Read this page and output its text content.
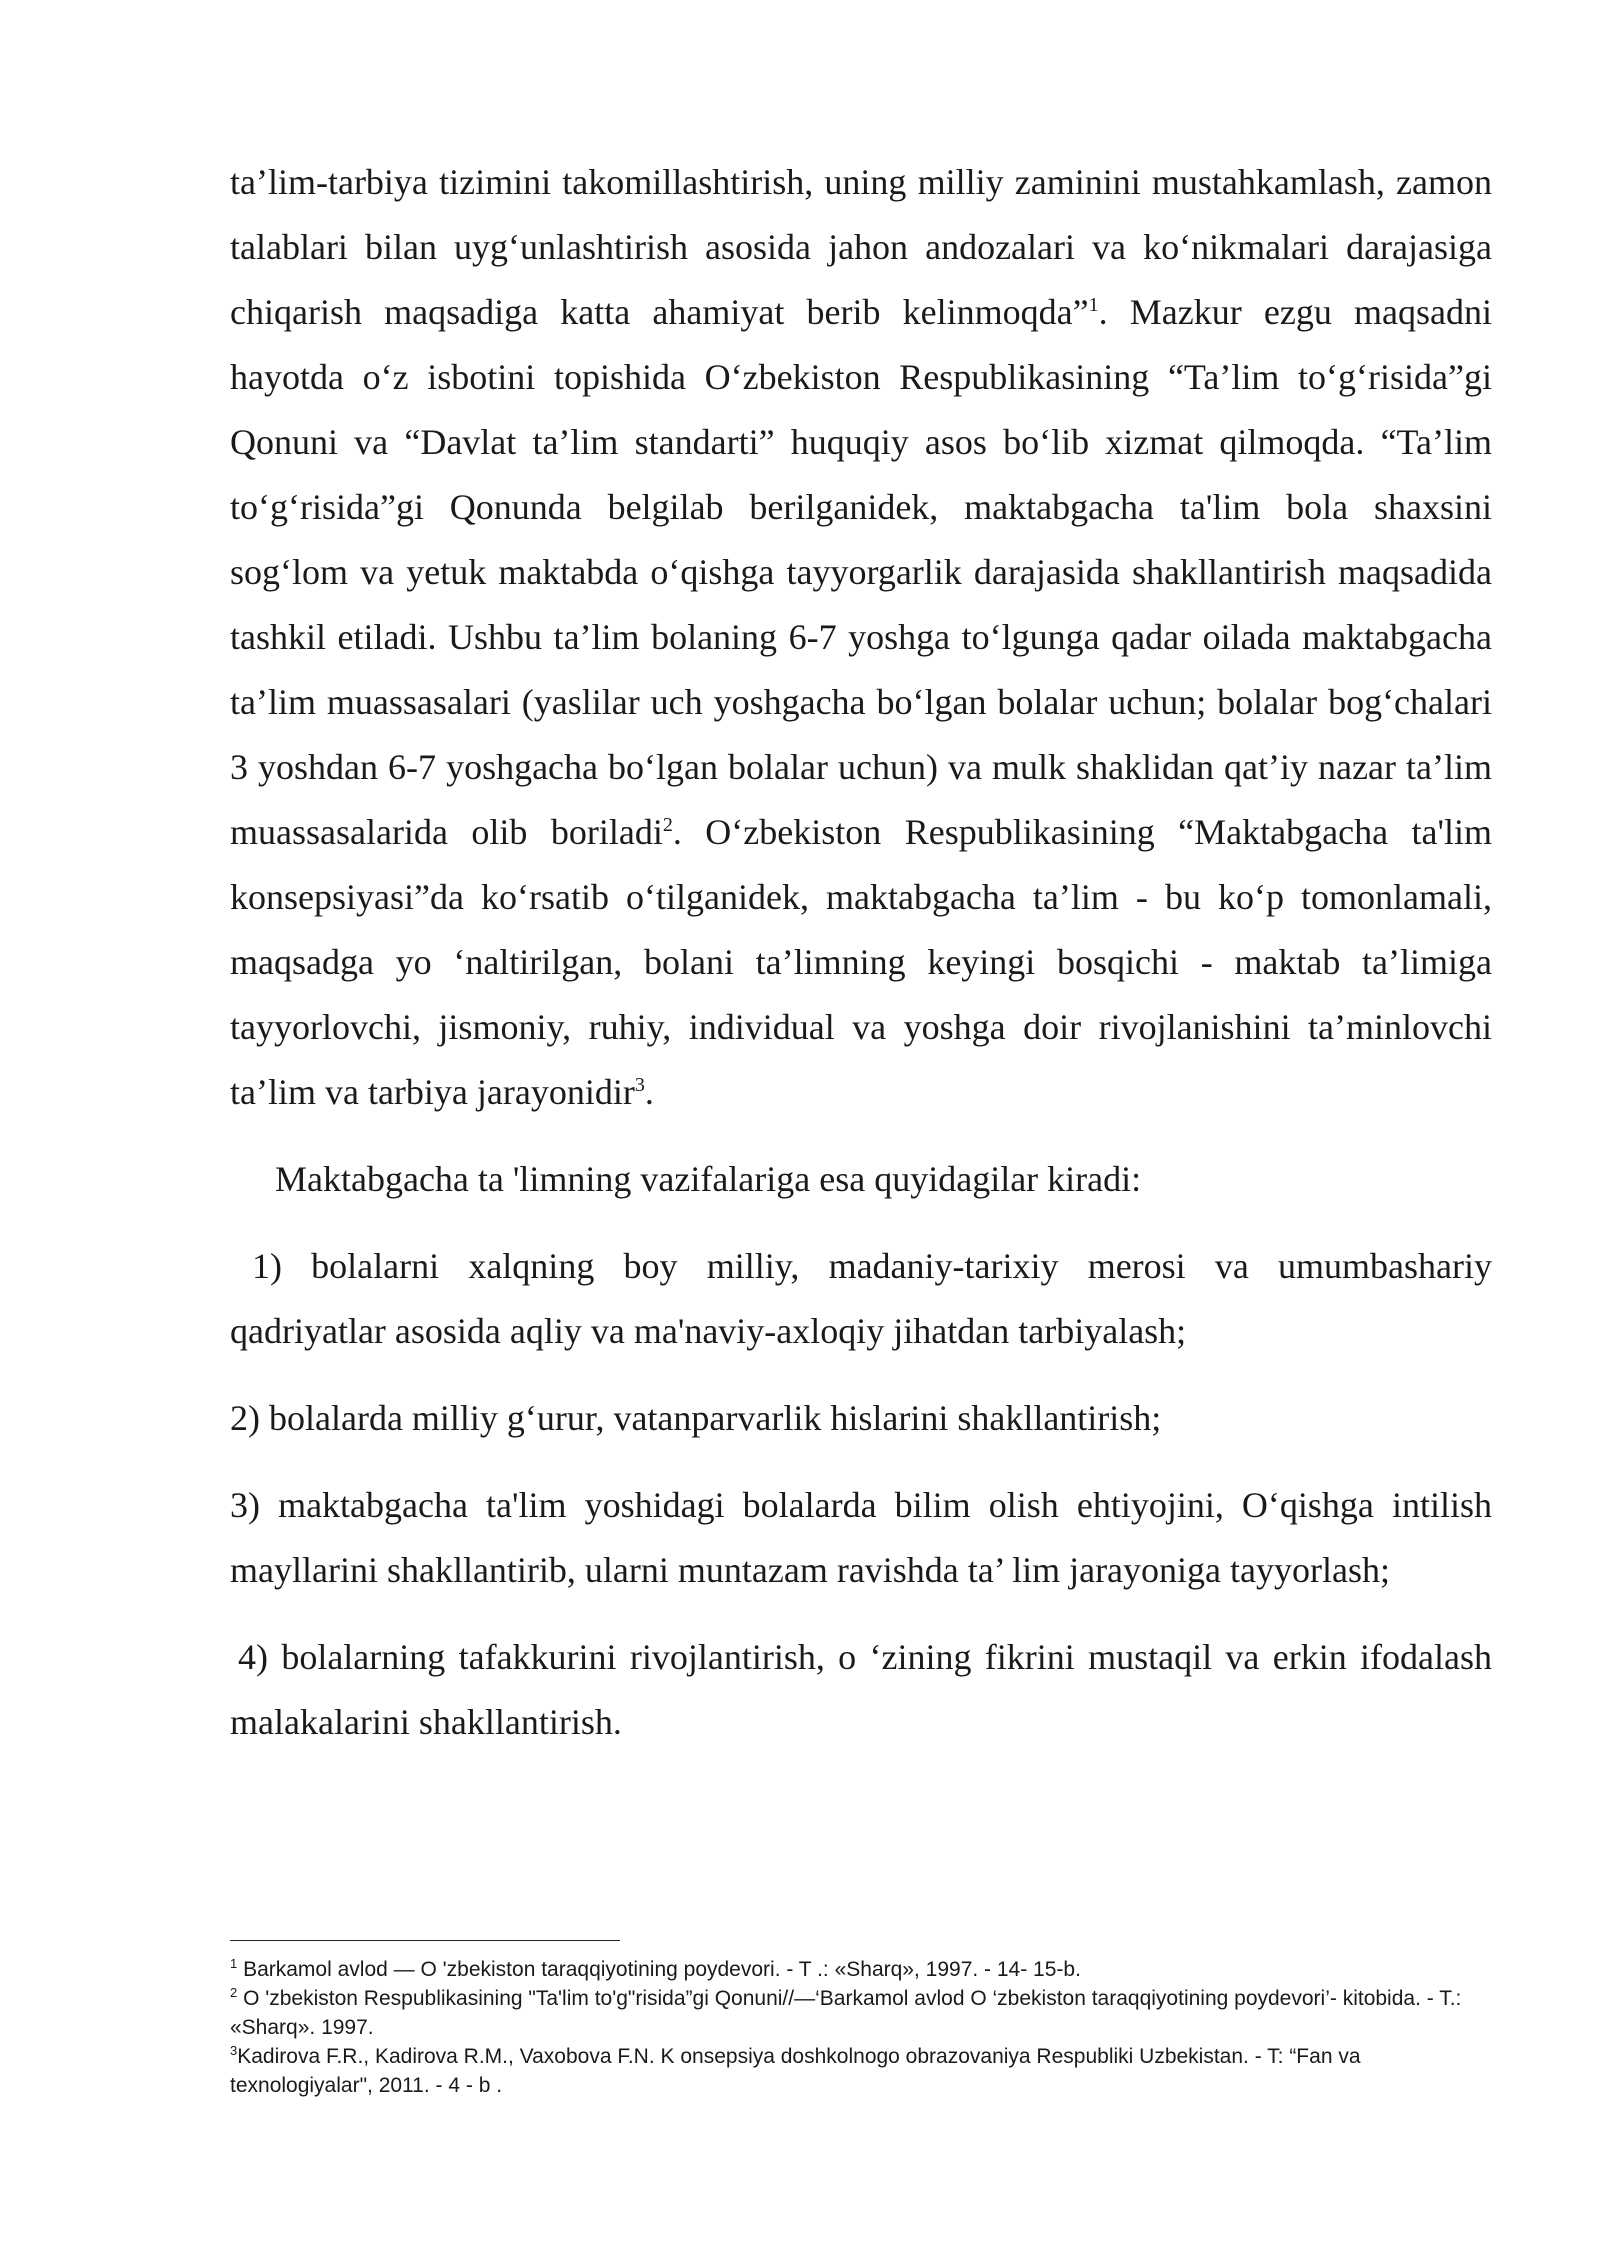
ta’lim-tarbiya tizimini takomillashtirish, uning milliy zaminini mustahkamlash, zamon talablari bilan uyg‘unlashtirish asosida jahon andozalari va ko‘nikmalari darajasiga chiqarish maqsadiga katta ahamiyat berib kelinmoqda”$^1$. Mazkur ezgu maqsadni hayotda o‘z isbotini topishida O‘zbekiston Respublikasining “Ta’lim to‘g‘risida”gi Qonuni va “Davlat ta’lim standarti” huquqiy asos bo‘lib xizmat qilmoqda. “Ta’lim to‘g‘risida”gi Qonunda belgilab berilganidek, maktabgacha ta'lim bola shaxsini sog‘lom va yetuk maktabda o‘qishga tayyorgarlik darajasida shakllantirish maqsadida tashkil etiladi. Ushbu ta’lim bolaning 6-7 yoshga to‘lgunga qadar oilada maktabgacha ta’lim muassasalari (yaslilar uch yoshgacha bo‘lgan bolalar uchun; bolalar bog‘chalari 3 yoshdan 6-7 yoshgacha bo‘lgan bolalar uchun) va mulk shaklidan qat’iy nazar ta’lim muassasalarida olib boriladi$^2$. O‘zbekiston Respublikasining “Maktabgacha ta'lim konsepsiyasi”da ko‘rsatib o‘tilganidek, maktabgacha ta’lim - bu ko‘p tomonlamali, maqsadga yo ‘naltirilgan, bolani ta’limning keyingi bosqichi - maktab ta’limiga tayyorlovchi, jismoniy, ruhiy, individual va yoshga doir rivojlanishini ta’minlovchi ta’lim va tarbiya jarayonidir$^3$.

Maktabgacha ta 'limning vazifalariga esa quyidagilar kiradi:

1) bolalarni xalqning boy milliy, madaniy-tarixiy merosi va umumbashariy qadriyatlar asosida aqliy va ma'naviy-axloqiy jihatdan tarbiyalash;

2) bolalarda milliy g‘urur, vatanparvarlik hislarini shakllantirish;

3) maktabgacha ta'lim yoshidagi bolalarda bilim olish ehtiyojini, O‘qishga intilish mayllarini shakllantirib, ularni muntazam ravishda ta’ lim jarayoniga tayyorlash;

4) bolalarning tafakkurini rivojlantirish, o ‘zining fikrini mustaqil va erkin ifodalash malakalarini shakllantirish.

$^1$ Barkamol avlod — O 'zbekiston taraqqiyotining poydevori. - T .: «Sharq», 1997. - 14- 15-b.

$^2$ O 'zbekiston Respublikasining "Ta'lim to'g"risida”gi Qonuni//—‘Barkamol avlod O ‘zbekiston taraqqiyotining poydevori’- kitobida. - T.: «Sharq». 1997.

$^3$Kadirova F.R., Kadirova R.M., Vaxobova F.N. K onsepsiya doshkolnogo obrazovaniya Respubliki Uzbekistan. - T: “Fan va texnologiyalar", 2011. - 4 - b .
